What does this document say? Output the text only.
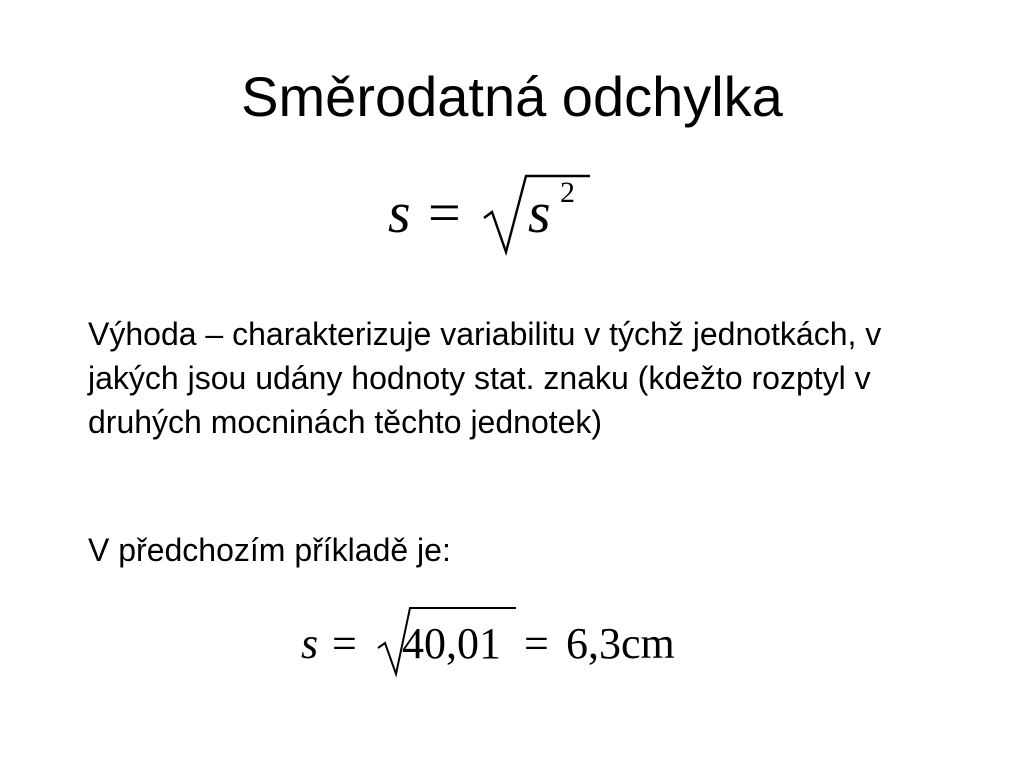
Směrodatná odchylka
s = s 2

Výhoda – charakterizuje variabilitu v týchž jednotkách, v jakých jsou udány hodnoty stat. znaku (kdežto rozptyl v druhých mocninách těchto jednotek)

V předchozím příkladě je:

s = 40,01 = 6,3cm
